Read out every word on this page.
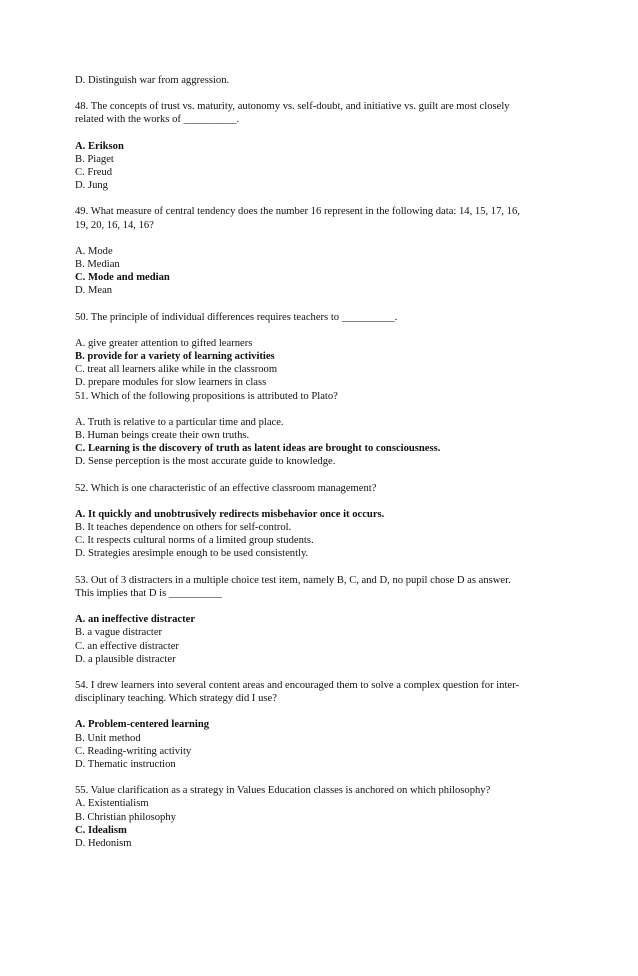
D. Distinguish war from aggression.
48. The concepts of trust vs. maturity, autonomy vs. self-doubt, and initiative vs. guilt are most closely
related with the works of __________.
A. Erikson
B. Piaget
C. Freud
D. Jung
49. What measure of central tendency does the number 16 represent in the following data: 14, 15, 17, 16,
19, 20, 16, 14, 16?
A. Mode
B. Median
C. Mode and median
D. Mean
50. The principle of individual differences requires teachers to __________.
A. give greater attention to gifted learners
B. provide for a variety of learning activities
C. treat all learners alike while in the classroom
D. prepare modules for slow learners in class
51. Which of the following propositions is attributed to Plato?
A. Truth is relative to a particular time and place.
B. Human beings create their own truths.
C. Learning is the discovery of truth as latent ideas are brought to consciousness.
D. Sense perception is the most accurate guide to knowledge.
52. Which is one characteristic of an effective classroom management?
A. It quickly and unobtrusively redirects misbehavior once it occurs.
B. It teaches dependence on others for self-control.
C. It respects cultural norms of a limited group students.
D. Strategies aresimple enough to be used consistently.
53. Out of 3 distracters in a multiple choice test item, namely B, C, and D, no pupil chose D as answer.
This implies that D is __________
A. an ineffective distracter
B. a vague distracter
C. an effective distracter
D. a plausible distracter
54. I drew learners into several content areas and encouraged them to solve a complex question for inter-
disciplinary teaching. Which strategy did I use?
A. Problem-centered learning
B. Unit method
C. Reading-writing activity
D. Thematic instruction
55. Value clarification as a strategy in Values Education classes is anchored on which philosophy?
A. Existentialism
B. Christian philosophy
C. Idealism
D. Hedonism
